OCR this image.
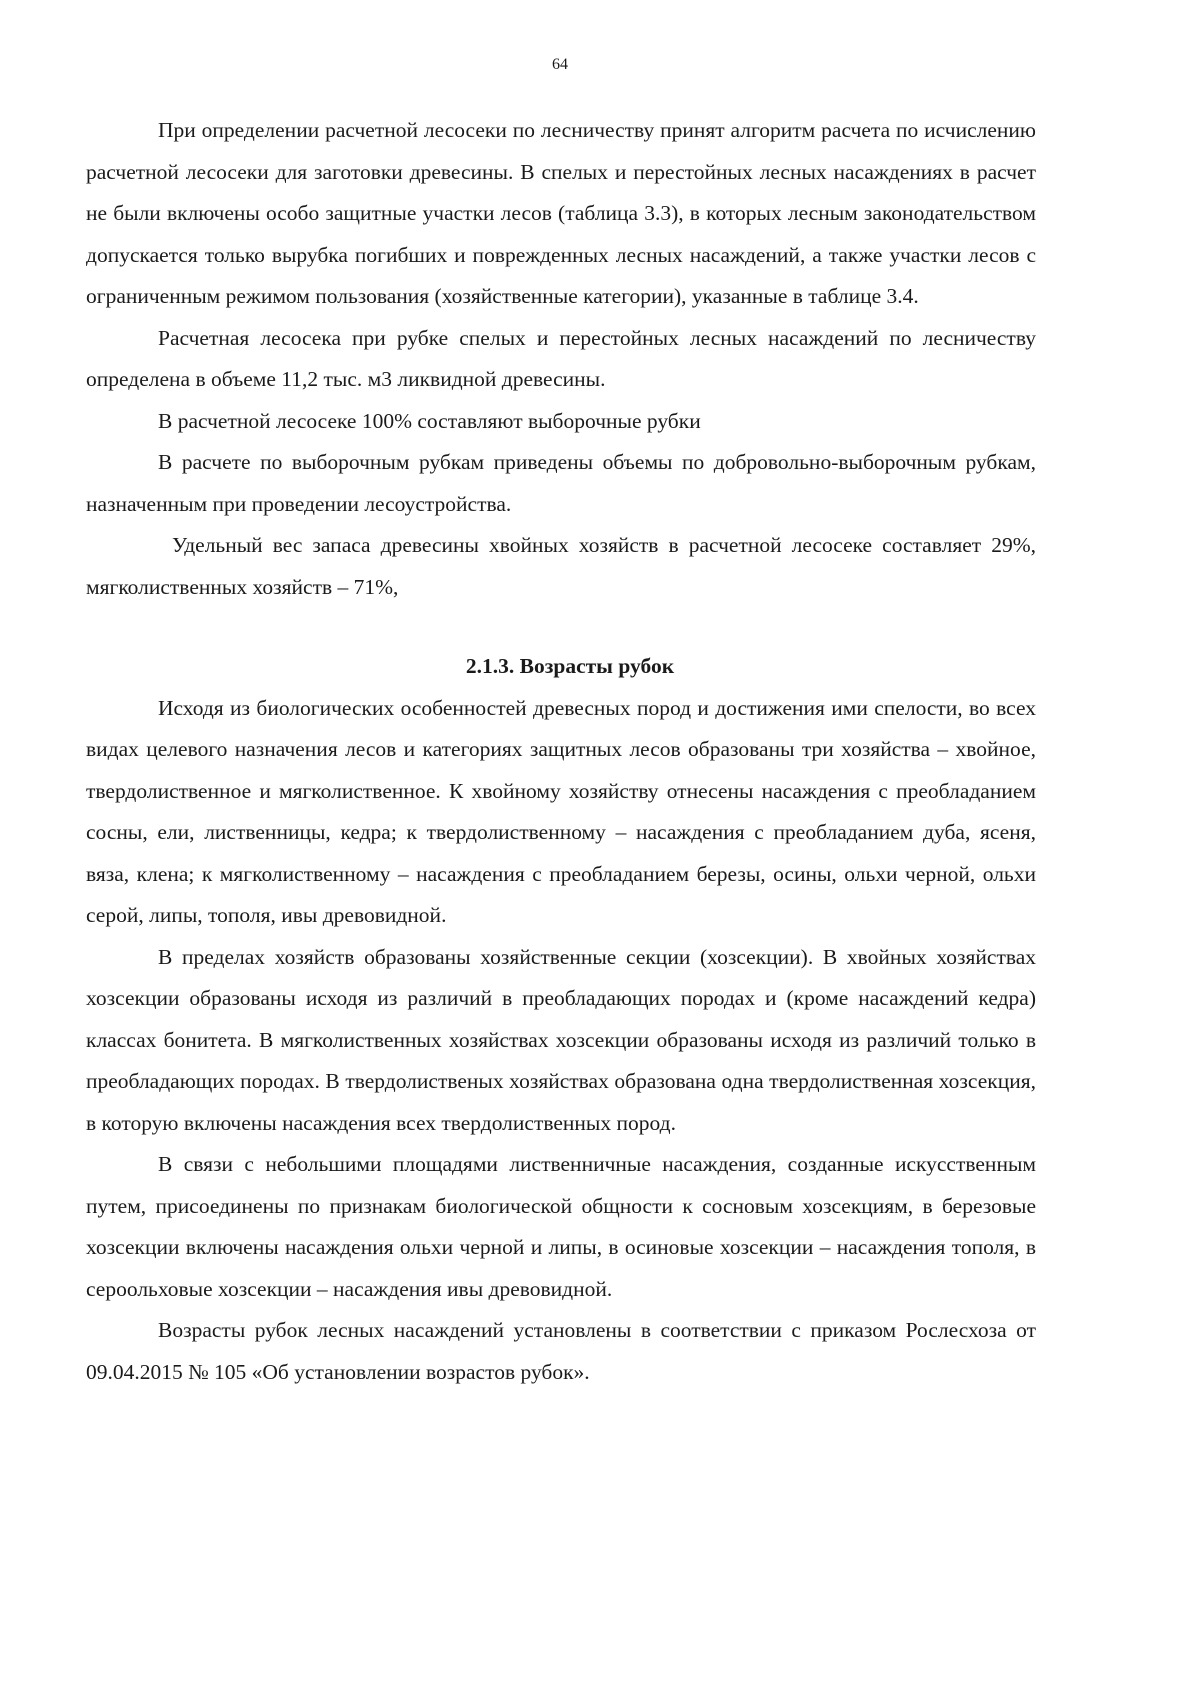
64

При определении расчетной лесосеки по лесничеству принят алгоритм расчета по исчислению расчетной лесосеки для заготовки древесины. В спелых и перестойных лесных насаждениях в расчет не были включены особо защитные участки лесов (таблица 3.3), в которых лесным законодательством допускается только вырубка погибших и поврежденных лесных насаждений, а также участки лесов с ограниченным режимом пользования (хозяйственные категории), указанные в таблице 3.4.

Расчетная лесосека при рубке спелых и перестойных лесных насаждений по лесничеству определена в объеме 11,2 тыс. м3 ликвидной древесины.

В расчетной лесосеке 100% составляют выборочные рубки

В расчете по выборочным рубкам приведены объемы по добровольно-выборочным рубкам, назначенным при проведении лесоустройства.

Удельный вес запаса древесины хвойных хозяйств в расчетной лесосеке составляет 29%, мягколиственных хозяйств – 71%,

2.1.3. Возрасты рубок

Исходя из биологических особенностей древесных пород и достижения ими спелости, во всех видах целевого назначения лесов и категориях защитных лесов образованы три хозяйства – хвойное, твердолиственное и мягколиственное. К хвойному хозяйству отнесены насаждения с преобладанием сосны, ели, лиственницы, кедра; к твердолиственному – насаждения с преобладанием дуба, ясеня, вяза, клена; к мягколиственному – насаждения с преобладанием березы, осины, ольхи черной, ольхи серой, липы, тополя, ивы древовидной.

В пределах хозяйств образованы хозяйственные секции (хозсекции). В хвойных хозяйствах хозсекции образованы исходя из различий в преобладающих породах и (кроме насаждений кедра) классах бонитета. В мягколиственных хозяйствах хозсекции образованы исходя из различий только в преобладающих породах. В твердолиственых хозяйствах образована одна твердолиственная хозсекция, в которую включены насаждения всех твердолиственных пород.

В связи с небольшими площадями лиственничные насаждения, созданные искусственным путем, присоединены по признакам биологической общности к сосновым хозсекциям, в березовые хозсекции включены насаждения ольхи черной и липы, в осиновые хозсекции – насаждения тополя, в сероольховые хозсекции – насаждения ивы древовидной.

Возрасты рубок лесных насаждений установлены в соответствии с приказом Рослесхоза от 09.04.2015 № 105 «Об установлении возрастов рубок».
